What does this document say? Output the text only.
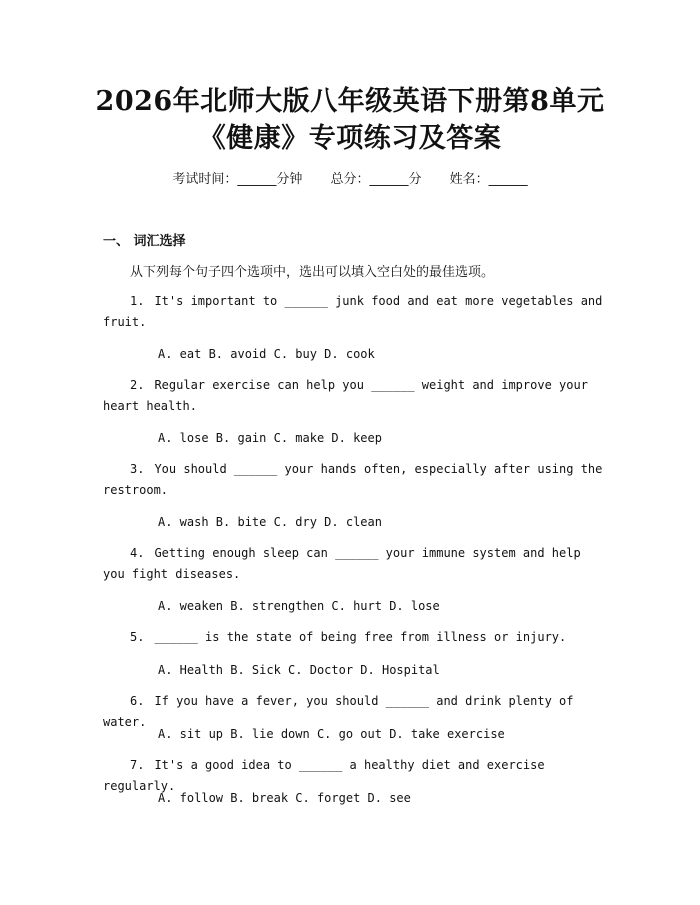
2026年北师大版八年级英语下册第8单元
《健康》专项练习及答案
考试时间：______分钟 总分：______分 姓名：______
一、 词汇选择
从下列每个句子四个选项中，选出可以填入空白处的最佳选项。

1. It's important to ______ junk food and eat more vegetables and fruit.

A. eat B. avoid C. buy D. cook

2. Regular exercise can help you ______ weight and improve your heart health.

A. lose B. gain C. make D. keep

3. You should ______ your hands often, especially after using the restroom.

A. wash B. bite C. dry D. clean

4. Getting enough sleep can ______ your immune system and help you fight diseases.

A. weaken B. strengthen C. hurt D. lose

5. ______ is the state of being free from illness or injury.

A. Health B. Sick C. Doctor D. Hospital

6. If you have a fever, you should ______ and drink plenty of water.

A. sit up B. lie down C. go out D. take exercise

7. It's a good idea to ______ a healthy diet and exercise regularly.

A. follow B. break C. forget D. see
